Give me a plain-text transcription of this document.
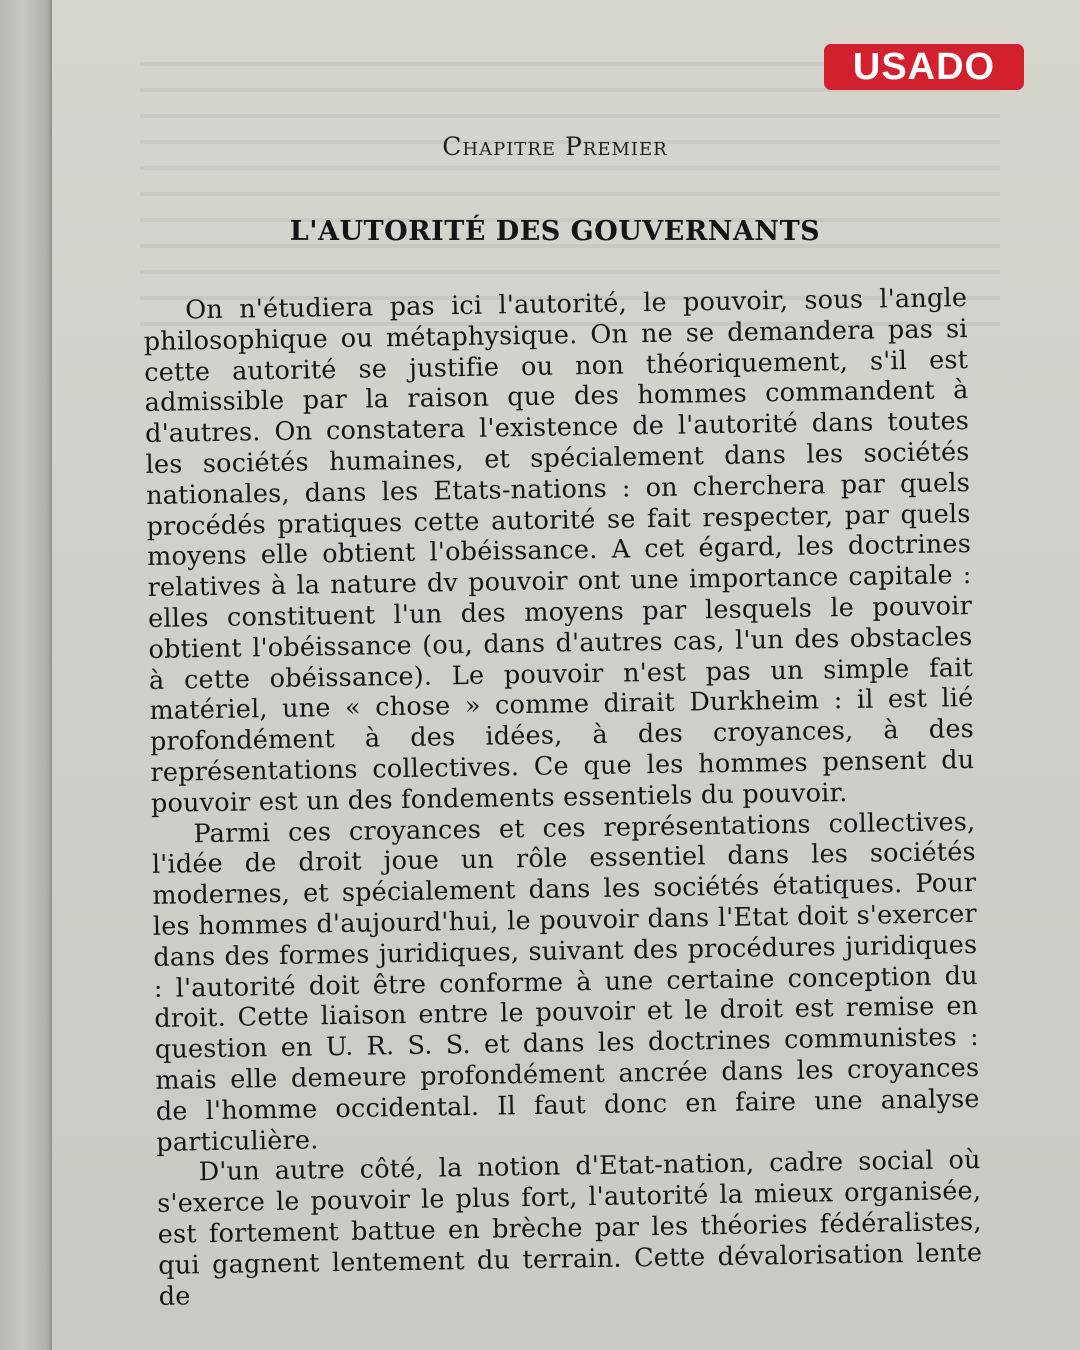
Chapitre Premier
L'AUTORITÉ DES GOUVERNANTS

On n'étudiera pas ici l'autorité, le pouvoir, sous l'angle philosophique ou métaphysique. On ne se demandera pas si cette autorité se justifie ou non théoriquement, s'il est admissible par la raison que des hommes commandent à d'autres. On constatera l'existence de l'autorité dans toutes les sociétés humaines, et spécialement dans les sociétés nationales, dans les Etats-nations : on cherchera par quels procédés pratiques cette autorité se fait respecter, par quels moyens elle obtient l'obéissance. A cet égard, les doctrines relatives à la nature dv pouvoir ont une importance capitale : elles constituent l'un des moyens par lesquels le pouvoir obtient l'obéissance (ou, dans d'autres cas, l'un des obstacles à cette obéissance). Le pouvoir n'est pas un simple fait matériel, une « chose » comme dirait Durkheim : il est lié profondément à des idées, à des croyances, à des représentations collectives. Ce que les hommes pensent du pouvoir est un des fondements essentiels du pouvoir.

Parmi ces croyances et ces représentations collectives, l'idée de droit joue un rôle essentiel dans les sociétés modernes, et spécialement dans les sociétés étatiques. Pour les hommes d'aujourd'hui, le pouvoir dans l'Etat doit s'exercer dans des formes juridiques, suivant des procédures juridiques : l'autorité doit être conforme à une certaine conception du droit. Cette liaison entre le pouvoir et le droit est remise en question en U. R. S. S. et dans les doctrines communistes : mais elle demeure profondément ancrée dans les croyances de l'homme occidental. Il faut donc en faire une analyse particulière.

D'un autre côté, la notion d'Etat-nation, cadre social où s'exerce le pouvoir le plus fort, l'autorité la mieux organisée, est fortement battue en brèche par les théories fédéralistes, qui gagnent lentement du terrain. Cette dévalorisation lente de

USADO
